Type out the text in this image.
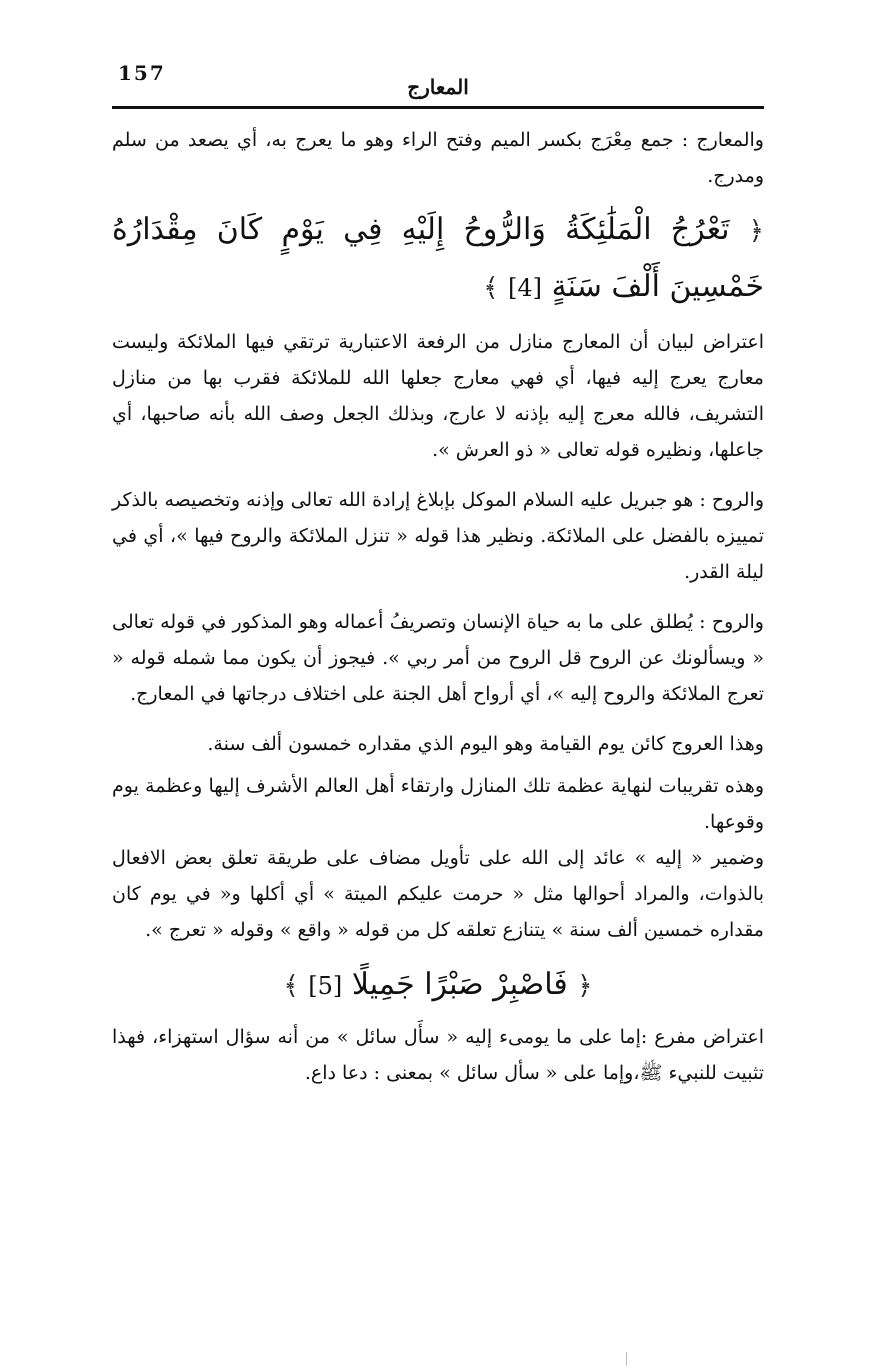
157
المعارج

والمعارج : جمع مِعْرَج بكسر الميم وفتح الراء وهو ما يعرج به، أي يصعد من سلم ومدرج.

﴿ تَعْرُجُ الْمَلَٰئِكَةُ وَالرُّوحُ إِلَيْهِ فِي يَوْمٍ كَانَ مِقْدَارُهُ خَمْسِينَ أَلْفَ سَنَةٍ [4] ﴾

اعتراض لبيان أن المعارج منازل من الرفعة الاعتبارية ترتقي فيها الملائكة وليست معارج يعرج إليه فيها، أي فهي معارج جعلها الله للملائكة فقرب بها من منازل التشريف، فالله معرج إليه بإذنه لا عارج، وبذلك الجعل وصف الله بأنه صاحبها، أي جاعلها، ونظيره قوله تعالى « ذو العرش ».

والروح : هو جبريل عليه السلام الموكل بإبلاغ إرادة الله تعالى وإذنه وتخصيصه بالذكر تمييزه بالفضل على الملائكة. ونظير هذا قوله « تنزل الملائكة والروح فيها »، أي في ليلة القدر.

والروح : يُطلق على ما به حياة الإنسان وتصريفُ أعماله وهو المذكور في قوله تعالى « ويسألونك عن الروح قل الروح من أمر ربي ». فيجوز أن يكون مما شمله قوله « تعرج الملائكة والروح إليه »، أي أرواح أهل الجنة على اختلاف درجاتها في المعارج.

وهذا العروج كائن يوم القيامة وهو اليوم الذي مقداره خمسون ألف سنة.

وهذه تقريبات لنهاية عظمة تلك المنازل وارتقاء أهل العالم الأشرف إليها وعظمة يوم وقوعها.

وضمير « إليه » عائد إلى الله على تأويل مضاف على طريقة تعلق بعض الافعال بالذوات، والمراد أحوالها مثل « حرمت عليكم الميتة » أي أكلها و« في يوم كان مقداره خمسين ألف سنة » يتنازع تعلقه كل من قوله « واقع » وقوله « تعرج ».

﴿ فَاصْبِرْ صَبْرًا جَمِيلًا [5] ﴾

اعتراض مفرع :إما على ما يومىء إليه « سأَل سائل » من أنه سؤال استهزاء، فهذا تثبيت للنبيء ﷺ،وإما على « سأل سائل » بمعنى : دعا داع.
